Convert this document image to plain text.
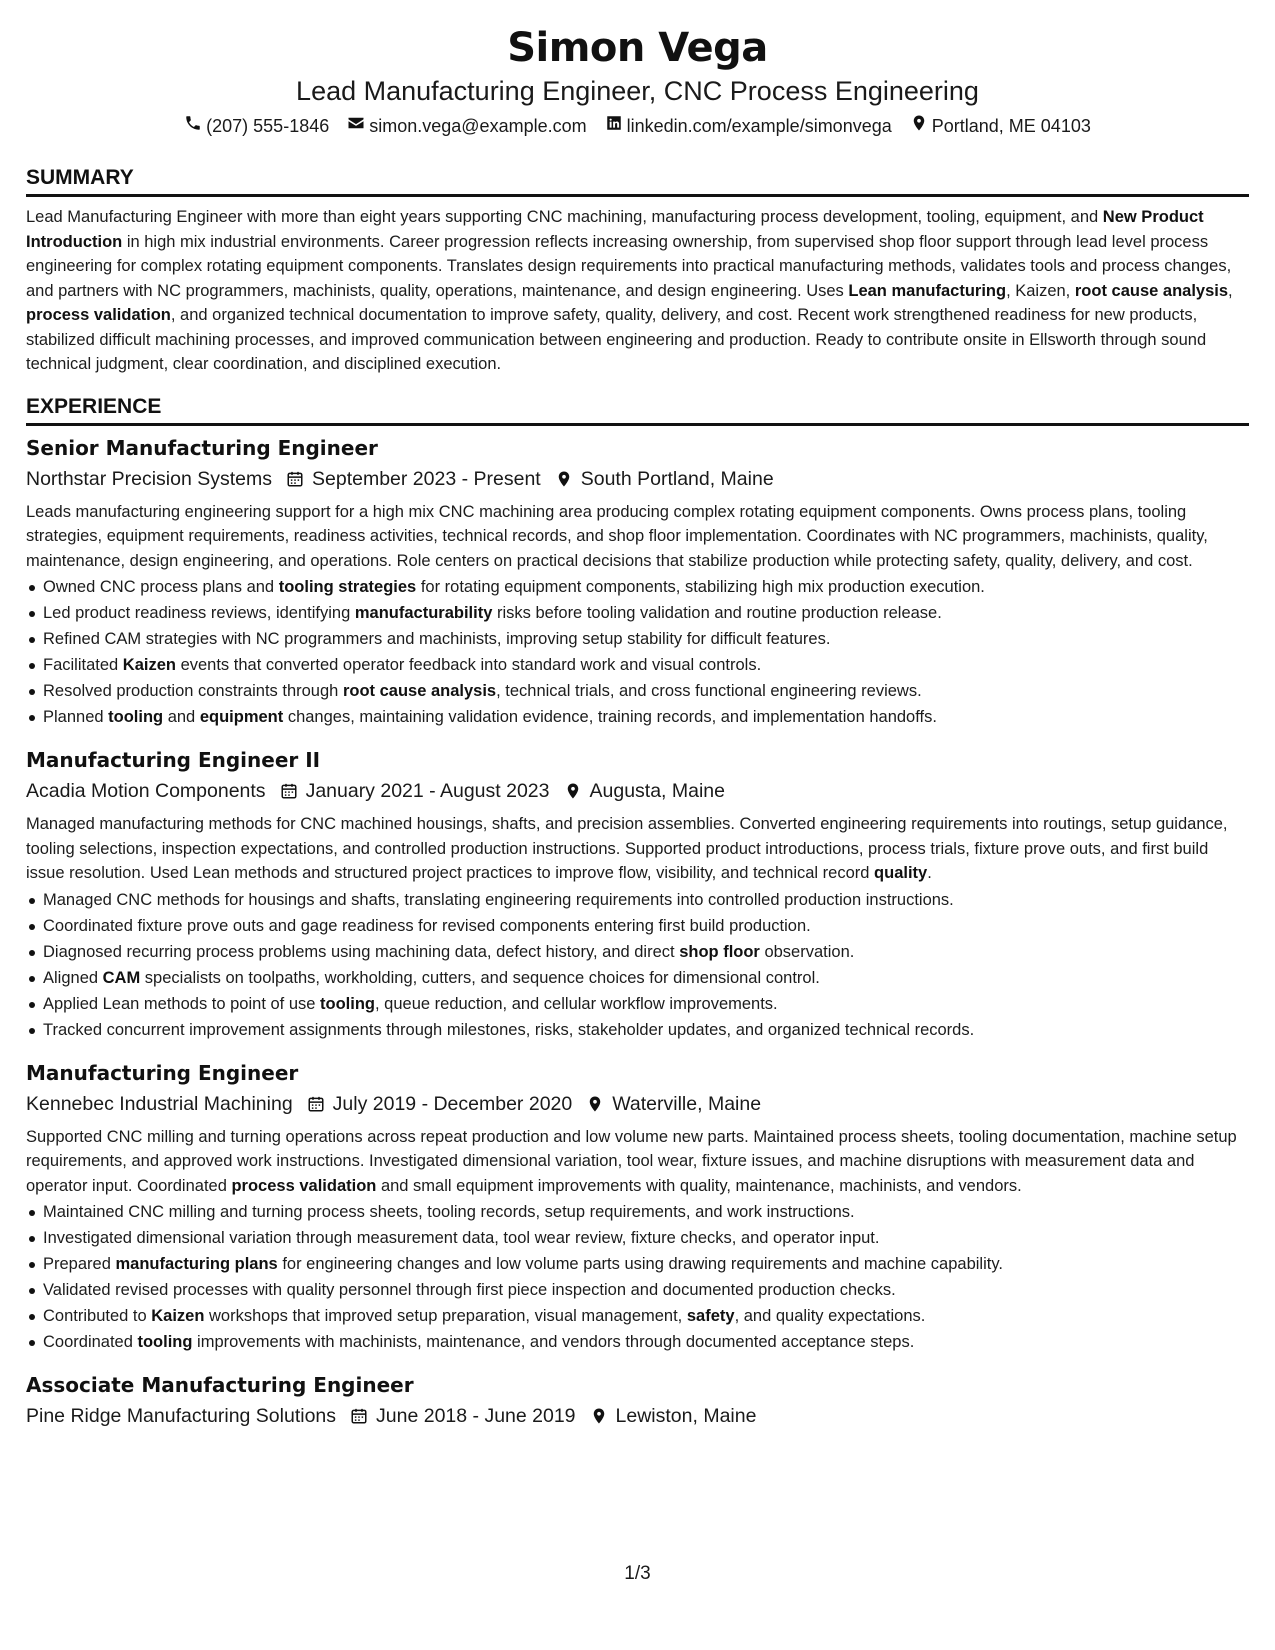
Simon Vega
Lead Manufacturing Engineer, CNC Process Engineering
(207) 555-1846 simon.vega@example.com linkedin.com/example/simonvega Portland, ME 04103
SUMMARY

Lead Manufacturing Engineer with more than eight years supporting CNC machining, manufacturing process development, tooling, equipment, and New Product Introduction in high mix industrial environments. Career progression reflects increasing ownership, from supervised shop floor support through lead level process engineering for complex rotating equipment components. Translates design requirements into practical manufacturing methods, validates tools and process changes, and partners with NC programmers, machinists, quality, operations, maintenance, and design engineering. Uses Lean manufacturing, Kaizen, root cause analysis, process validation, and organized technical documentation to improve safety, quality, delivery, and cost. Recent work strengthened readiness for new products, stabilized difficult machining processes, and improved communication between engineering and production. Ready to contribute onsite in Ellsworth through sound technical judgment, clear coordination, and disciplined execution.

EXPERIENCE
Senior Manufacturing Engineer
Northstar Precision Systems September 2023 - Present South Portland, Maine

Leads manufacturing engineering support for a high mix CNC machining area producing complex rotating equipment components. Owns process plans, tooling strategies, equipment requirements, readiness activities, technical records, and shop floor implementation. Coordinates with NC programmers, machinists, quality, maintenance, design engineering, and operations. Role centers on practical decisions that stabilize production while protecting safety, quality, delivery, and cost.

Owned CNC process plans and tooling strategies for rotating equipment components, stabilizing high mix production execution.
Led product readiness reviews, identifying manufacturability risks before tooling validation and routine production release.
Refined CAM strategies with NC programmers and machinists, improving setup stability for difficult features.
Facilitated Kaizen events that converted operator feedback into standard work and visual controls.
Resolved production constraints through root cause analysis, technical trials, and cross functional engineering reviews.
Planned tooling and equipment changes, maintaining validation evidence, training records, and implementation handoffs.
Manufacturing Engineer II
Acadia Motion Components January 2021 - August 2023 Augusta, Maine

Managed manufacturing methods for CNC machined housings, shafts, and precision assemblies. Converted engineering requirements into routings, setup guidance, tooling selections, inspection expectations, and controlled production instructions. Supported product introductions, process trials, fixture prove outs, and first build issue resolution. Used Lean methods and structured project practices to improve flow, visibility, and technical record quality.

Managed CNC methods for housings and shafts, translating engineering requirements into controlled production instructions.
Coordinated fixture prove outs and gage readiness for revised components entering first build production.
Diagnosed recurring process problems using machining data, defect history, and direct shop floor observation.
Aligned CAM specialists on toolpaths, workholding, cutters, and sequence choices for dimensional control.
Applied Lean methods to point of use tooling, queue reduction, and cellular workflow improvements.
Tracked concurrent improvement assignments through milestones, risks, stakeholder updates, and organized technical records.
Manufacturing Engineer
Kennebec Industrial Machining July 2019 - December 2020 Waterville, Maine

Supported CNC milling and turning operations across repeat production and low volume new parts. Maintained process sheets, tooling documentation, machine setup requirements, and approved work instructions. Investigated dimensional variation, tool wear, fixture issues, and machine disruptions with measurement data and operator input. Coordinated process validation and small equipment improvements with quality, maintenance, machinists, and vendors.

Maintained CNC milling and turning process sheets, tooling records, setup requirements, and work instructions.
Investigated dimensional variation through measurement data, tool wear review, fixture checks, and operator input.
Prepared manufacturing plans for engineering changes and low volume parts using drawing requirements and machine capability.
Validated revised processes with quality personnel through first piece inspection and documented production checks.
Contributed to Kaizen workshops that improved setup preparation, visual management, safety, and quality expectations.
Coordinated tooling improvements with machinists, maintenance, and vendors through documented acceptance steps.
Associate Manufacturing Engineer
Pine Ridge Manufacturing Solutions June 2018 - June 2019 Lewiston, Maine
1/3
